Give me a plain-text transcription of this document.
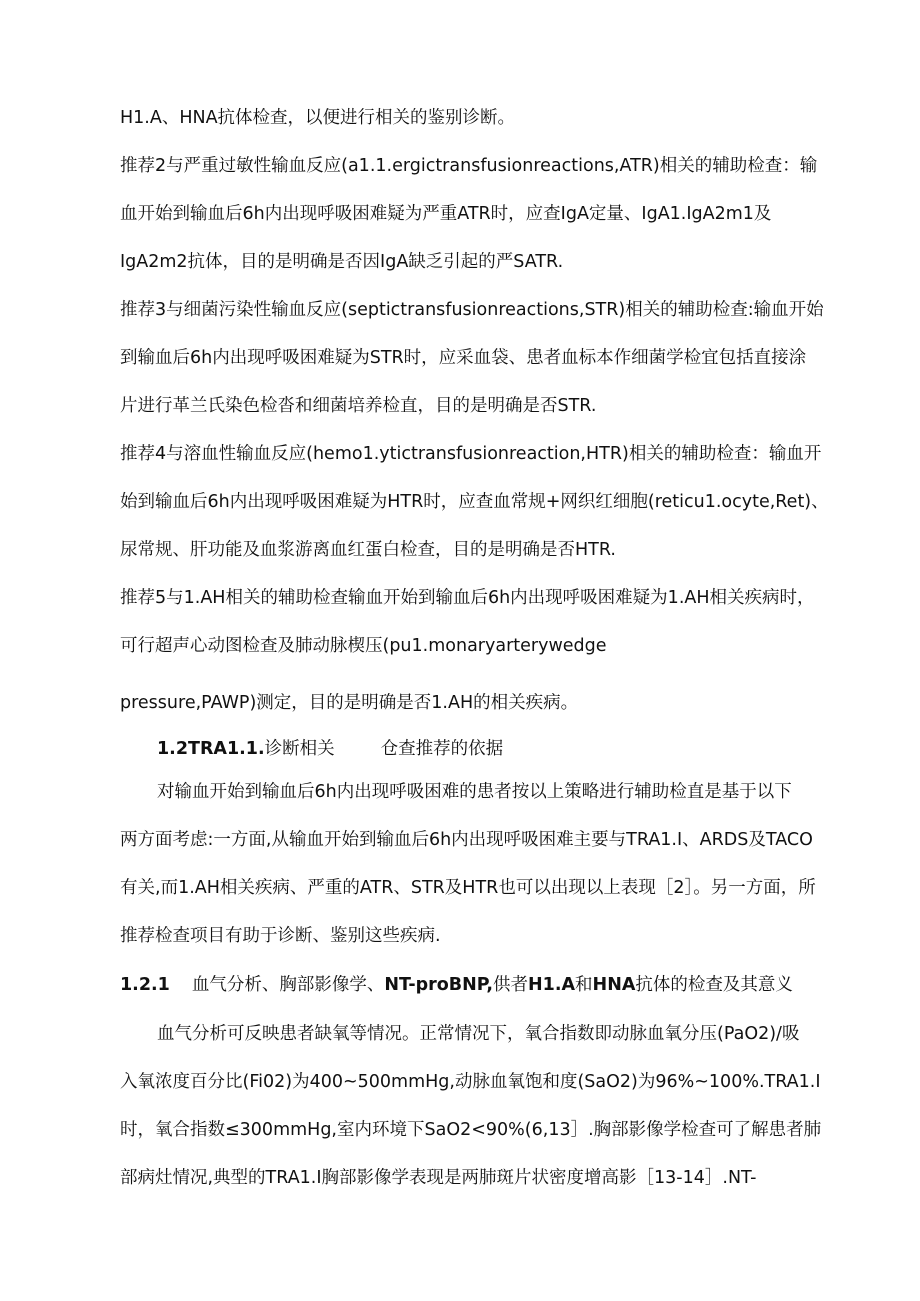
H1.A、HNA抗体检查，以便进行相关的鉴别诊断。
推荐2与严重过敏性输血反应(a1.1.ergictransfusionreactions,ATR)相关的辅助检查：输
血开始到输血后6h内出现呼吸困难疑为严重ATR时，应查IgA定量、IgA1.IgA2m1及
IgA2m2抗体，目的是明确是否因IgA缺乏引起的严SATR.
推荐3与细菌污染性输血反应(septictransfusionreactions,STR)相关的辅助检查:输血开始
到输血后6h内出现呼吸困难疑为STR时，应采血袋、患者血标本作细菌学检宜包括直接涂
片进行革兰氏染色检沓和细菌培养检直，目的是明确是否STR.
推荐4与溶血性输血反应(hemo1.ytictransfusionreaction,HTR)相关的辅助检查：输血开
始到输血后6h内出现呼吸困难疑为HTR时，应查血常规+网织红细胞(reticu1.ocyte,Ret)、
尿常规、肝功能及血浆游离血红蛋白检查，目的是明确是否HTR.
推荐5与1.AH相关的辅助检查输血开始到输血后6h内出现呼吸困难疑为1.AH相关疾病时，
可行超声心动图检查及肺动脉楔压(pu1.monaryarterywedge
pressure,PAWP)测定，目的是明确是否1.AH的相关疾病。
1.2TRA1.1.诊断相关	仓查推荐的依据
对输血开始到输血后6h内出现呼吸困难的患者按以上策略进行辅助检直是基于以下
两方面考虑:一方面,从输血开始到输血后6h内出现呼吸困难主要与TRA1.I、ARDS及TACO
有关,而1.AH相关疾病、严重的ATR、STR及HTR也可以出现以上表现［2］。另一方面，所
推荐检查项目有助于诊断、鉴别这些疾病.
1.2.1 血气分析、胸部影像学、NT-proBNP,供者H1.A和HNA抗体的检查及其意义
血气分析可反映患者缺氧等情况。正常情况下，氧合指数即动脉血氧分压(PaO2)/吸
入氧浓度百分比(Fi02)为400~500mmHg,动脉血氧饱和度(SaO2)为96%~100%.TRA1.I
时，氧合指数≤300mmHg,室内环境下SaO2<90%(6,13］.胸部影像学检查可了解患者肺
部病灶情况,典型的TRA1.I胸部影像学表现是两肺斑片状密度增高影［13-14］.NT-
